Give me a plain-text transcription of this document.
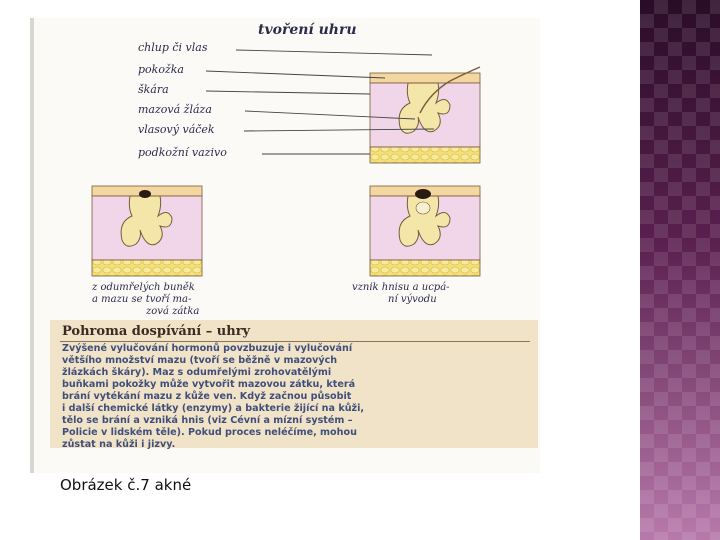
tvoření uhru
chlup či vlas
pokožka
škára
mazová žláza
vlasový váček
podkožní vazivo
z odumřelých buněk
a mazu se tvoří ma-
zová zátka
vznik hnisu a ucpá-
ní vývodu
Pohroma dospívání – uhry
Zvýšené vylučování hormonů povzbuzuje i vylučování
většího množství mazu (tvoří se běžně v mazových
žlázkách škáry). Maz s odumřelými zrohovatělými
buňkami pokožky může vytvořit mazovou zátku, která
brání vytékání mazu z kůže ven. Když začnou působit
i další chemické látky (enzymy) a bakterie žijící na kůži,
tělo se brání a vzniká hnis (viz Cévní a mízní systém –
Policie v lidském těle). Pokud proces neléčíme, mohou
zůstat na kůži i jizvy.
Obrázek č.7 akné
